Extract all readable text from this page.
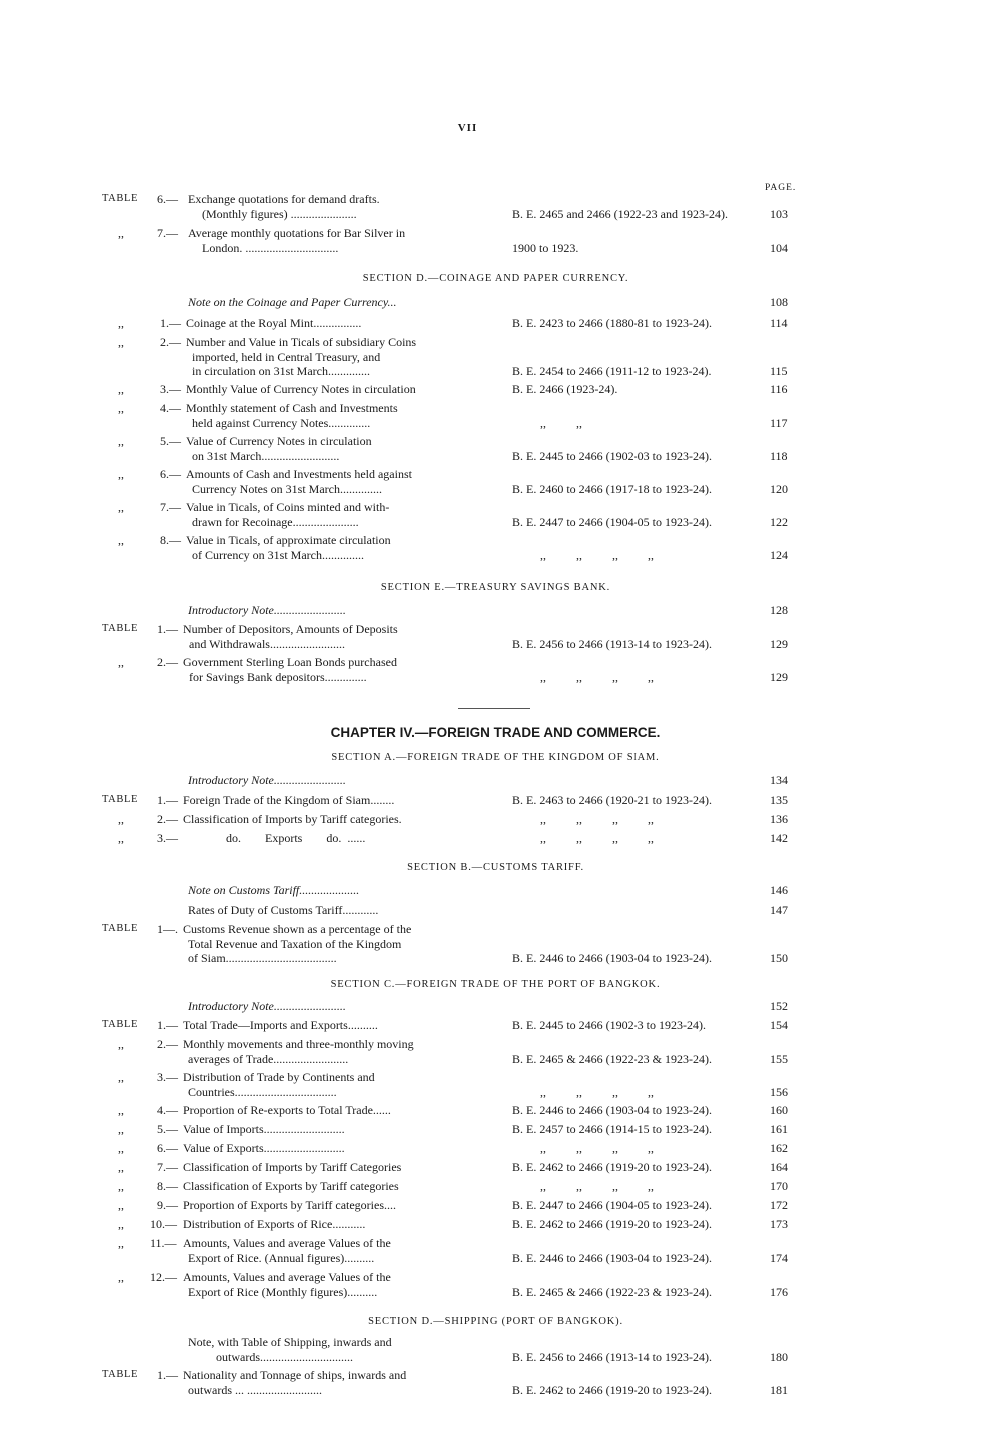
VII
PAGE.
TABLE	6.— Exchange quotations for demand drafts.
(Monthly figures) ......................	B. E. 2465 and 2466 (1922-23 and 1923-24).	103
,,	7.— Average monthly quotations for Bar Silver in
London. ...............................	1900 to 1923.	104
SECTION D.—COINAGE AND PAPER CURRENCY.
Note on the Coinage and Paper Currency...	108
,,	1.— Coinage at the Royal Mint................	B. E. 2423 to 2466 (1880-81 to 1923-24).	114
,,	2.— Number and Value in Ticals of subsidiary Coins
imported, held in Central Treasury, and
in circulation on 31st March..............	B. E. 2454 to 2466 (1911-12 to 1923-24).	115
,,	3.— Monthly Value of Currency Notes in circulation	B. E. 2466 (1923-24).	116
,,	4.— Monthly statement of Cash and Investments
held against Currency Notes..............	,,          ,,	117
,,	5.— Value of Currency Notes in circulation
on 31st March..........................	B. E. 2445 to 2466 (1902-03 to 1923-24).	118
,,	6.— Amounts of Cash and Investments held against
Currency Notes on 31st March..............	B. E. 2460 to 2466 (1917-18 to 1923-24).	120
,,	7.— Value in Ticals, of Coins minted and with-
drawn for Recoinage......................	B. E. 2447 to 2466 (1904-05 to 1923-24).	122
,,	8.— Value in Ticals, of approximate circulation
of Currency on 31st March..............	,,          ,,          ,,          ,,	124
SECTION E.—TREASURY SAVINGS BANK.
Introductory Note........................	128
TABLE	1.— Number of Depositors, Amounts of Deposits
and Withdrawals.........................	B. E. 2456 to 2466 (1913-14 to 1923-24).	129
,,	2.— Government Sterling Loan Bonds purchased
for Savings Bank depositors..............	,,          ,,          ,,          ,,	129
CHAPTER IV.—FOREIGN TRADE AND COMMERCE.
SECTION A.—FOREIGN TRADE OF THE KINGDOM OF SIAM.
Introductory Note........................	134
TABLE	1.— Foreign Trade of the Kingdom of Siam........	B. E. 2463 to 2466 (1920-21 to 1923-24).	135
,,	2.— Classification of Imports by Tariff categories.	,,          ,,          ,,          ,,	136
,,	3.—	do.        Exports        do.  ......	,,          ,,          ,,          ,,	142
SECTION B.—CUSTOMS TARIFF.
Note on Customs Tariff....................	146
Rates of Duty of Customs Tariff............	147
TABLE	1—. Customs Revenue shown as a percentage of the
Total Revenue and Taxation of the Kingdom
of Siam.....................................	B. E. 2446 to 2466 (1903-04 to 1923-24).	150
SECTION C.—FOREIGN TRADE OF THE PORT OF BANGKOK.
Introductory Note........................	152
TABLE	1.— Total Trade—Imports and Exports..........	B. E. 2445 to 2466 (1902-3 to 1923-24).	154
,,	2.— Monthly movements and three-monthly moving
averages of Trade.........................	B. E. 2465 & 2466 (1922-23 & 1923-24).	155
,,	3.— Distribution of Trade by Continents and
Countries..................................	,,          ,,          ,,          ,,	156
,,	4.— Proportion of Re-exports to Total Trade......	B. E. 2446 to 2466 (1903-04 to 1923-24).	160
,,	5.— Value of Imports...........................	B. E. 2457 to 2466 (1914-15 to 1923-24).	161
,,	6.— Value of Exports...........................	,,          ,,          ,,          ,,	162
,,	7.— Classification of Imports by Tariff Categories	B. E. 2462 to 2466 (1919-20 to 1923-24).	164
,,	8.— Classification of Exports by Tariff categories	,,          ,,          ,,          ,,	170
,,	9.— Proportion of Exports by Tariff categories....	B. E. 2447 to 2466 (1904-05 to 1923-24).	172
,,	10.— Distribution of Exports of Rice...........	B. E. 2462 to 2466 (1919-20 to 1923-24).	173
,,	11.— Amounts, Values and average Values of the
Export of Rice. (Annual figures)..........	B. E. 2446 to 2466 (1903-04 to 1923-24).	174
,,	12.— Amounts, Values and average Values of the
Export of Rice (Monthly figures)..........	B. E. 2465 & 2466 (1922-23 & 1923-24).	176
SECTION D.—SHIPPING (PORT OF BANGKOK).
Note, with Table of Shipping, inwards and
outwards...............................	B. E. 2456 to 2466 (1913-14 to 1923-24).	180
TABLE	1.— Nationality and Tonnage of ships, inwards and
outwards ... .........................	B. E. 2462 to 2466 (1919-20 to 1923-24).	181
